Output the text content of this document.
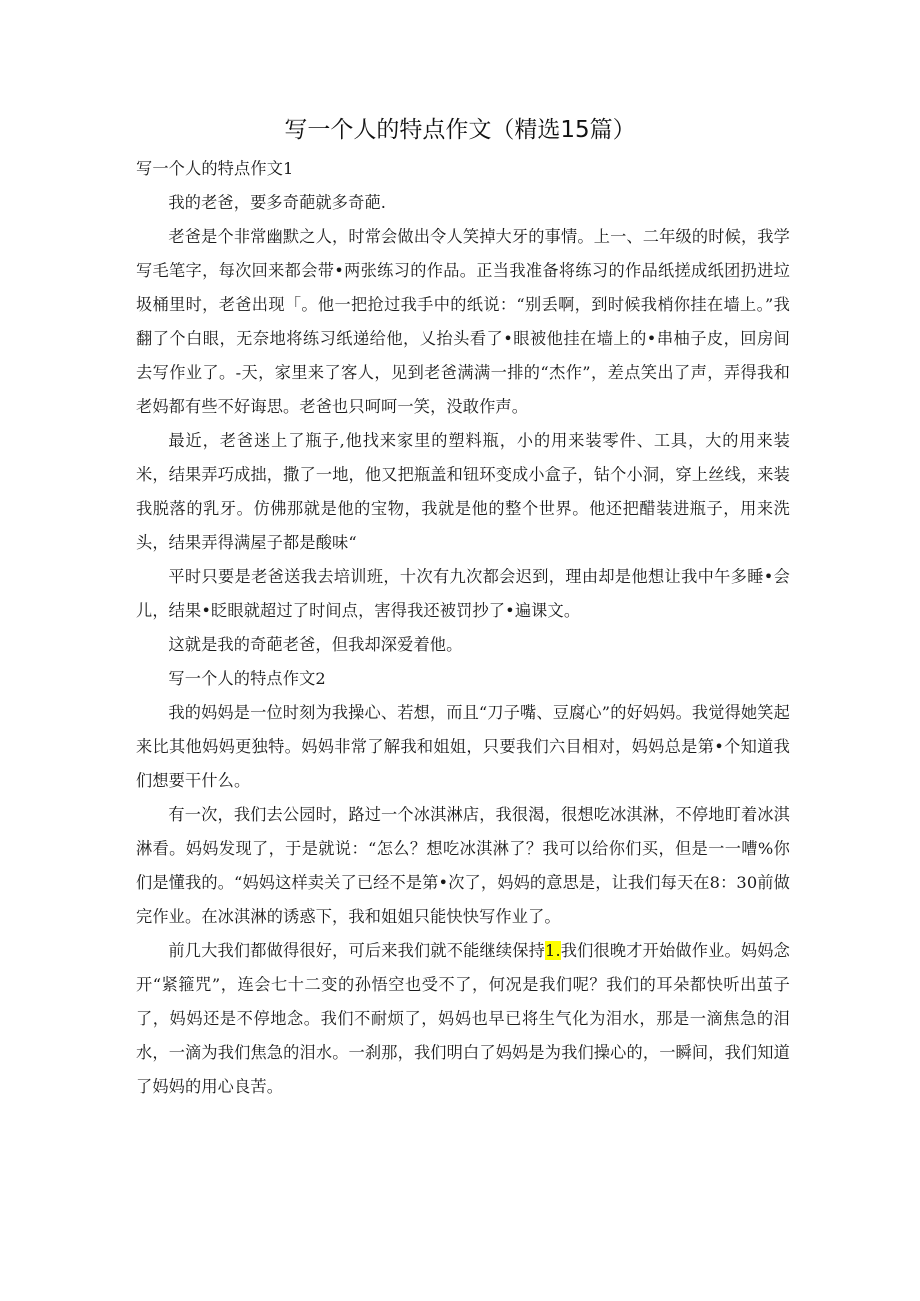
写一个人的特点作文（精选15篇）

写一个人的特点作文1

我的老爸，要多奇葩就多奇葩.

老爸是个非常幽默之人，时常会做出令人笑掉大牙的事情。上一、二年级的时候，我学写毛笔字，每次回来都会带•两张练习的作品。正当我准备将练习的作品纸搓成纸团扔进垃圾桶里时，老爸出现「。他一把抢过我手中的纸说：“别丢啊，到时候我梢你挂在墙上。”我翻了个白眼，无奈地将练习纸递给他，乂抬头看了•眼被他挂在墙上的•串柚子皮，回房间去写作业了。-天，家里来了客人，见到老爸满满一排的“杰作”，差点笑出了声，弄得我和老妈都有些不好诲思。老爸也只呵呵一笑，没敢作声。

最近，老爸迷上了瓶子,他找来家里的塑料瓶，小的用来装零件、工具，大的用来装米，结果弄巧成拙，撒了一地，他又把瓶盖和钮环变成小盒子，钻个小洞，穿上丝线，来装我脱落的乳牙。仿佛那就是他的宝物，我就是他的整个世界。他还把醋装进瓶子，用来洗头，结果弄得满屋子都是酸味“

平时只要是老爸送我去培训班，十次有九次都会迟到，理由却是他想让我中午多睡•会儿，结果•眨眼就超过了时间点，害得我还被罚抄了•遍课文。

这就是我的奇葩老爸，但我却深爱着他。

写一个人的特点作文2

我的妈妈是一位时刻为我操心、若想，而且“刀子嘴、豆腐心”的好妈妈。我觉得她笑起来比其他妈妈更独特。妈妈非常了解我和姐姐，只要我们六目相对，妈妈总是第•个知道我们想要干什么。

有一次，我们去公园时，路过一个冰淇淋店，我很渴，很想吃冰淇淋，不停地盯着冰淇淋看。妈妈发现了，于是就说：“怎么？想吃冰淇淋了？我可以给你们买，但是一一嘈%你们是懂我的。“妈妈这样卖关了已经不是第•次了，妈妈的意思是，让我们每天在8：30前做完作业。在冰淇淋的诱惑下，我和姐姐只能快快写作业了。

前几大我们都做得很好，可后来我们就不能继续保持1.我们很晚才开始做作业。妈妈念开“紧箍咒”，连会七十二变的孙悟空也受不了，何况是我们呢？我们的耳朵都快听出茧子了，妈妈还是不停地念。我们不耐烦了，妈妈也早已将生气化为泪水，那是一滴焦急的泪水，一滴为我们焦急的泪水。一刹那，我们明白了妈妈是为我们操心的，一瞬间，我们知道了妈妈的用心良苦。
